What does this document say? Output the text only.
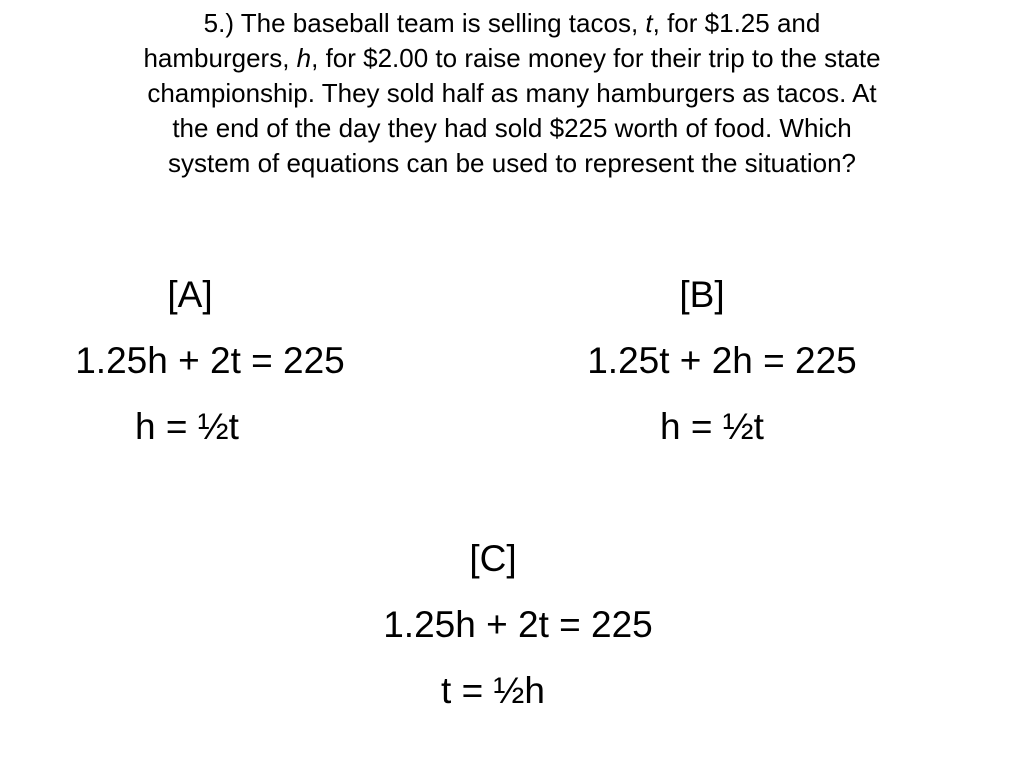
5.) The baseball team is selling tacos, t, for $1.25 and
hamburgers, h, for $2.00 to raise money for their trip to the state
championship. They sold half as many hamburgers as tacos. At
the end of the day they had sold $225 worth of food. Which
system of equations can be used to represent the situation?
[A]
1.25h + 2t = 225
h = ½t
[B]
1.25t + 2h = 225
h = ½t
[C]
1.25h + 2t = 225
t = ½h
